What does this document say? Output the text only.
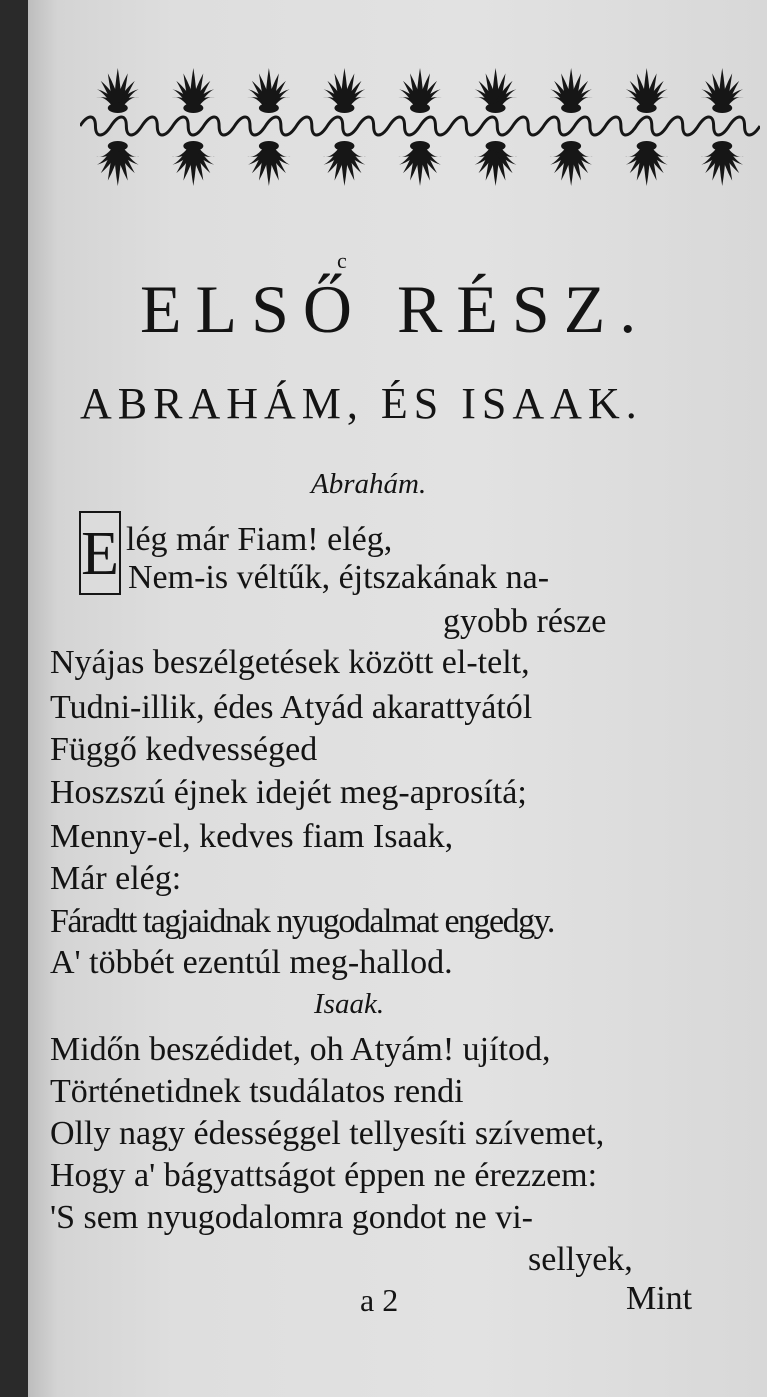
c
ELSŐ RÉSZ.
ABRAHÁM, ÉS ISAAK.
Abrahám.
E lég már Fiam! elég,
Nem-is véltűk, éjtszakának na-
gyobb része
Nyájas beszélgetések között el-telt,
Tudni-illik, édes Atyád akarattyától
Függő kedvességed
Hoszszú éjnek idejét meg-aprosítá;
Menny-el, kedves fiam Isaak,
Már elég:
Fáradtt tagjaidnak nyugodalmat engedgy.
A' többét ezentúl meg-hallod.
Isaak.
Midőn beszédidet, oh Atyám! ujítod,
Történetidnek tsudálatos rendi
Olly nagy édességgel tellyesíti szívemet,
Hogy a' bágyattságot éppen ne érezzem:
'S sem nyugodalomra gondot ne vi-
sellyek,
a 2	Mint
